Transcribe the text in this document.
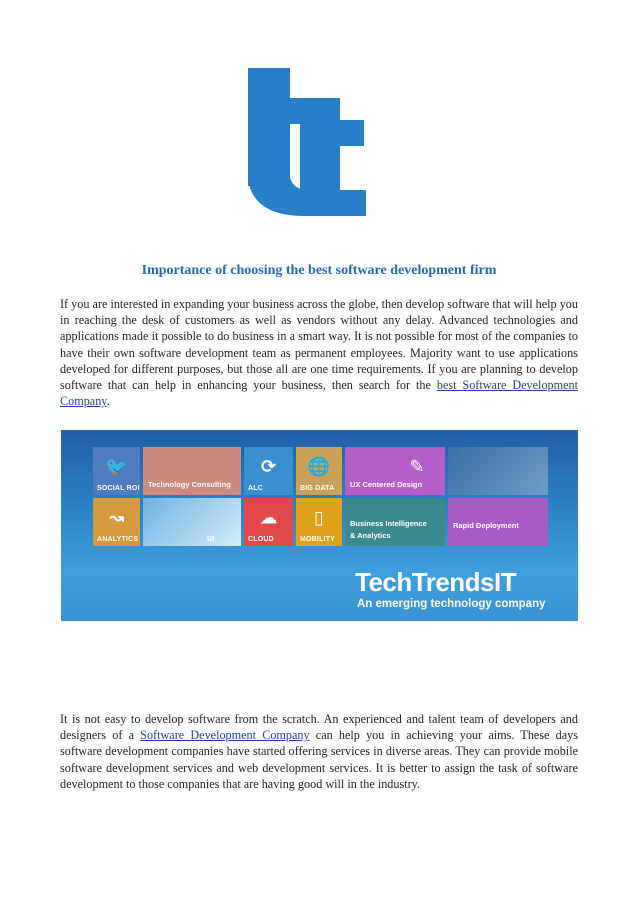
Importance of choosing the best software development firm

If you are interested in expanding your business across the globe, then develop software that will help you in reaching the desk of customers as well as vendors without any delay. Advanced technologies and applications made it possible to do business in a smart way. It is not possible for most of the companies to have their own software development team as permanent employees. Majority want to use applications developed for different purposes, but those all are one time requirements. If you are planning to develop software that can help in enhancing your business, then search for the best Software Development Company.

🐦
SOCIAL ROI Technology Consulting
⟳
ALC
🌐
BIG DATA
✎
UX Centered Design
↝
ANALYTICS	UI
☁
CLOUD
▯
MOBILITY
Business Intelligence
& Analytics
Rapid Deployment
TechTrendsIT
An emerging technology company

It is not easy to develop software from the scratch. An experienced and talent team of developers and designers of a Software Development Company can help you in achieving your aims. These days software development companies have started offering services in diverse areas. They can provide mobile software development services and web development services. It is better to assign the task of software development to those companies that are having good will in the industry.
